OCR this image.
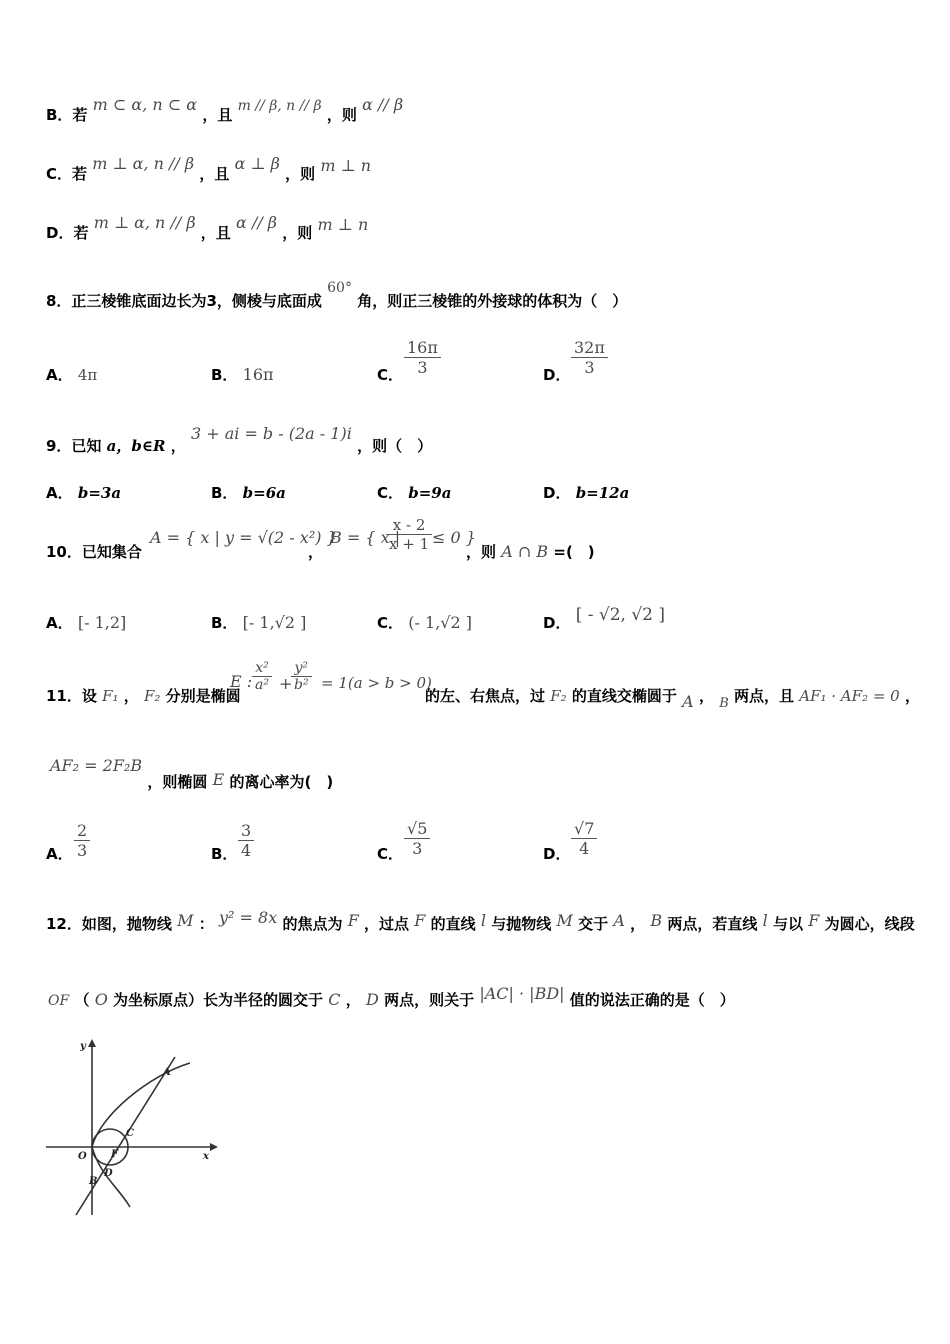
B．若 m ⊂ α, n ⊂ α ，且 m // β, n // β ，则 α // β
C．若 m ⊥ α, n // β ，且 α ⊥ β ，则 m ⊥ n
D．若 m ⊥ α, n // β ，且 α // β ，则 m ⊥ n
8．正三棱锥底面边长为3，侧棱与底面成 60° 角，则正三棱锥的外接球的体积为（　）
A． 4π	B． 16π	C． $\frac{16\pi}{3}$	D． $\frac{32\pi}{3}$
9．已知 a，b∈R ， 3 + ai = b - (2a - 1)i ，则（　）
A． b=3a	B． b=6a	C． b=9a	D． b=12a
10．已知集合
A = { x | y = √(2 - x²) }
，
B = { x |
$\frac{x - 2}{x + 1} \le 0$ }
，则 A ∩ B =(　)
A． [- 1,2]	B． [- 1,√2 ]	C． (- 1,√2 ]	D． [ - √2, √2 ]
11．设 F₁ ， F₂ 分别是椭圆
E : $\frac{\text{x²}}{\text{a²}}$ +
$\frac{\text{y²}}{\text{b²}} = 1(a > b > 0)$
的左、右焦点，过 F₂ 的直线交椭圆于 A ， B 两点，且 AF₁ · AF₂ = 0 ，
AF₂ = 2F₂B ，则椭圆 E 的离心率为(　)
A． $\frac{2}{3}$	B． $\frac{3}{4}$	C． $\frac{√5}{3}$	D． $\frac{√7}{4}$
12．如图，抛物线 M ： y² = 8x 的焦点为 F ，过点 F 的直线 l 与抛物线 M 交于 A ， B 两点，若直线 l 与以 F 为圆心，线段
OF （ O 为坐标原点）长为半径的圆交于 C ， D 两点，则关于 |AC| · |BD| 值的说法正确的是（　）
y
x
O
A
C
F
D
B
